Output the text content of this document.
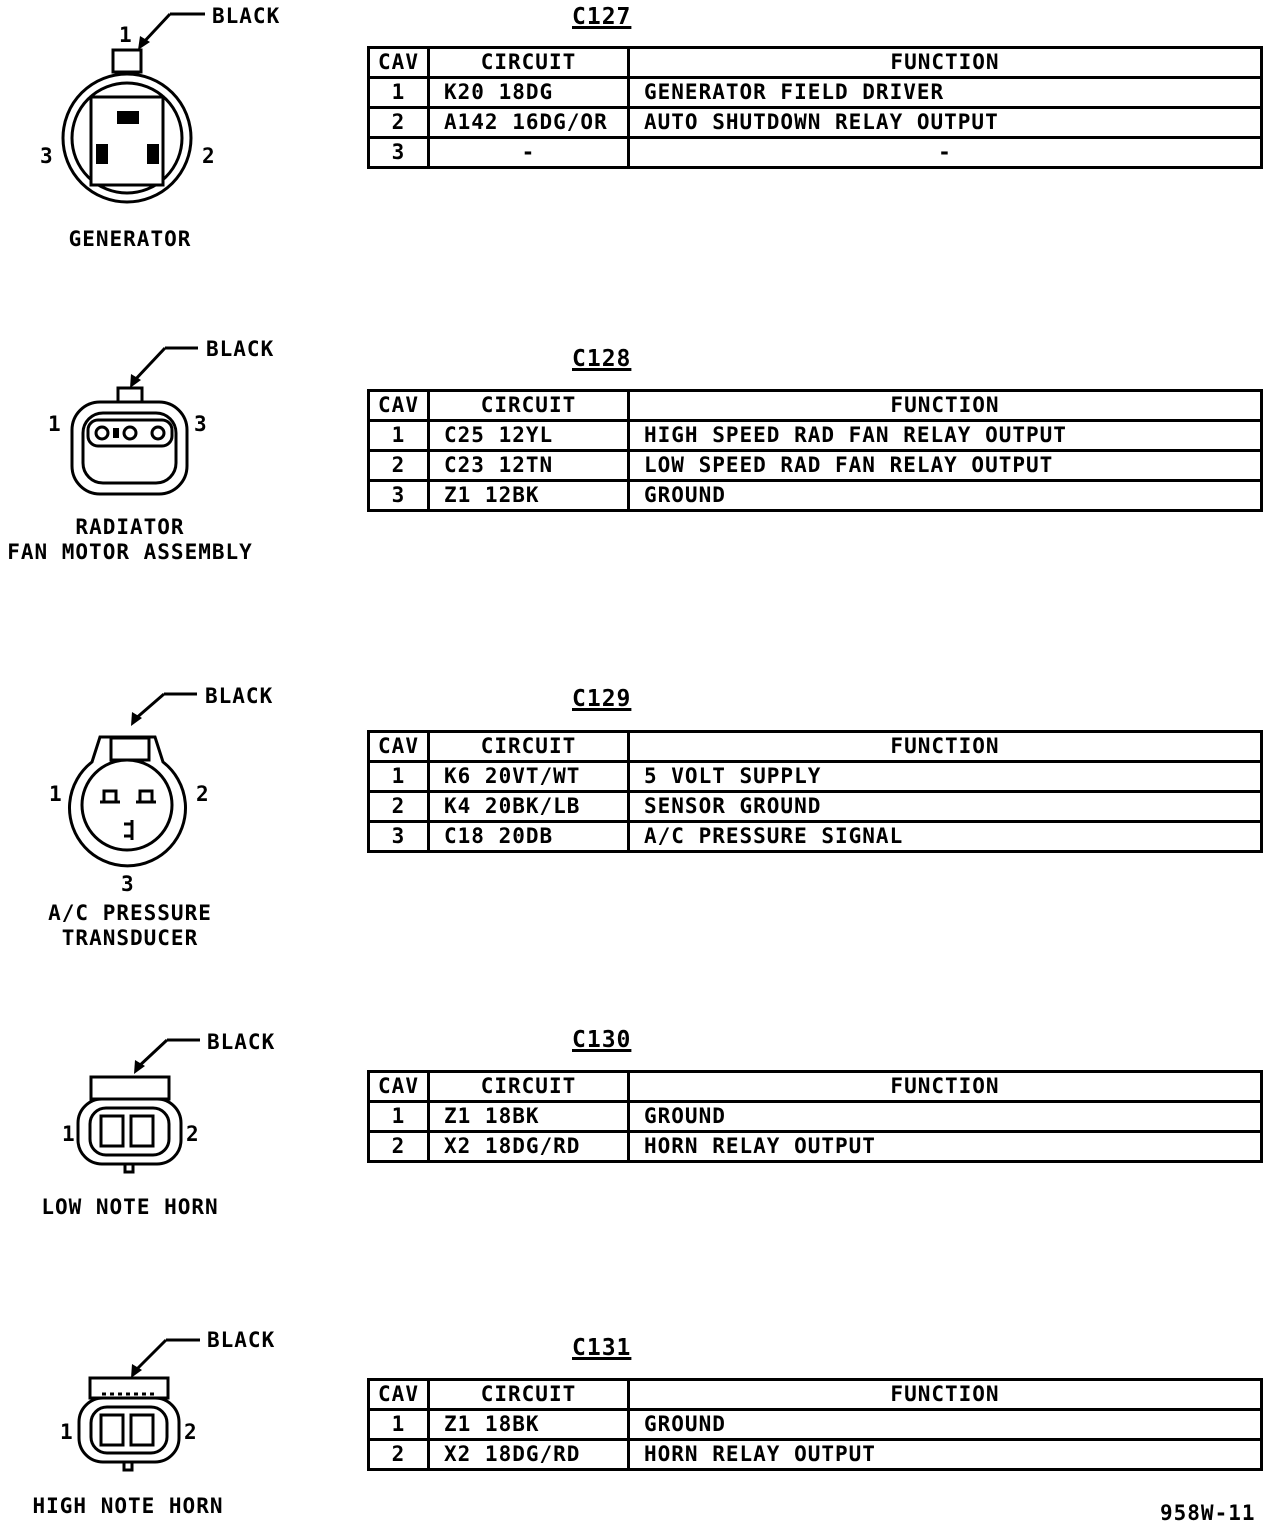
BLACK
1
3	2
GENERATOR
C127
CAV	CIRCUIT	FUNCTION
1	K20 18DG	GENERATOR FIELD DRIVER
2	A142 16DG/OR	AUTO SHUTDOWN RELAY OUTPUT
3	-	-
BLACK
1	3
RADIATOR
FAN MOTOR ASSEMBLY
C128
CAV	CIRCUIT	FUNCTION
1	C25 12YL	HIGH SPEED RAD FAN RELAY OUTPUT
2	C23 12TN	LOW SPEED RAD FAN RELAY OUTPUT
3	Z1 12BK	GROUND
BLACK
1	2
3
A/C PRESSURE
TRANSDUCER
C129
CAV	CIRCUIT	FUNCTION
1	K6 20VT/WT	5 VOLT SUPPLY
2	K4 20BK/LB	SENSOR GROUND
3	C18 20DB	A/C PRESSURE SIGNAL
BLACK
1	2
LOW NOTE HORN
C130
CAV	CIRCUIT	FUNCTION
1	Z1 18BK	GROUND
2	X2 18DG/RD	HORN RELAY OUTPUT
BLACK
1	2
HIGH NOTE HORN
C131
CAV	CIRCUIT	FUNCTION
1	Z1 18BK	GROUND
2	X2 18DG/RD	HORN RELAY OUTPUT
958W-11
